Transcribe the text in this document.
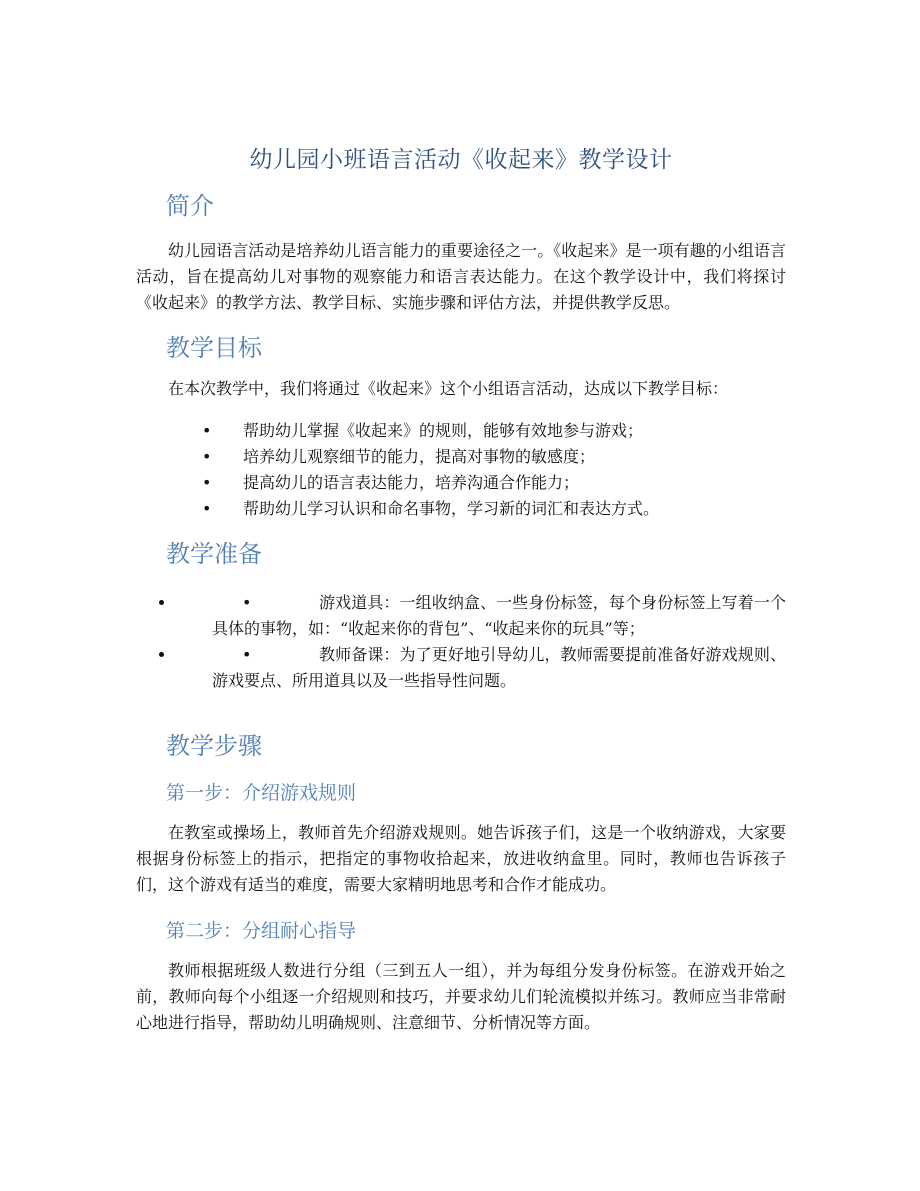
幼儿园小班语言活动《收起来》教学设计
简介

幼儿园语言活动是培养幼儿语言能力的重要途径之一。《收起来》是一项有趣的小组语言活动，旨在提高幼儿对事物的观察能力和语言表达能力。在这个教学设计中，我们将探讨《收起来》的教学方法、教学目标、实施步骤和评估方法，并提供教学反思。

教学目标

在本次教学中，我们将通过《收起来》这个小组语言活动，达成以下教学目标：

• 帮助幼儿掌握《收起来》的规则，能够有效地参与游戏；
• 培养幼儿观察细节的能力，提高对事物的敏感度；
• 提高幼儿的语言表达能力，培养沟通合作能力；
• 帮助幼儿学习认识和命名事物，学习新的词汇和表达方式。
教学准备
• •	游戏道具：一组收纳盒、一些身份标签，每个身份标签上写着一个具体的事物，如：“收起来你的背包”、“收起来你的玩具”等；
• •	教师备课：为了更好地引导幼儿，教师需要提前准备好游戏规则、游戏要点、所用道具以及一些指导性问题。
教学步骤
第一步：介绍游戏规则

在教室或操场上，教师首先介绍游戏规则。她告诉孩子们，这是一个收纳游戏，大家要根据身份标签上的指示，把指定的事物收拾起来，放进收纳盒里。同时，教师也告诉孩子们，这个游戏有适当的难度，需要大家精明地思考和合作才能成功。

第二步：分组耐心指导

教师根据班级人数进行分组（三到五人一组），并为每组分发身份标签。在游戏开始之前，教师向每个小组逐一介绍规则和技巧，并要求幼儿们轮流模拟并练习。教师应当非常耐心地进行指导，帮助幼儿明确规则、注意细节、分析情况等方面。
